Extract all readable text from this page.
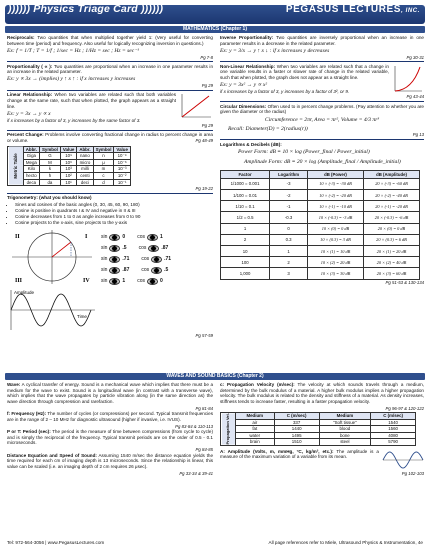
)))))) Physics Triage Card ))))))	PEGASUS LECTURES, INC.
MATHEMATICS (Chapter 1)

Reciprocals: Two quantities that when multiplied together yield 1: (Very useful for converting between time (period) and frequency. Also useful for logically recognizing inversion in questions.)

Ex: f = 1/T ; T = 1/f ; 1/sec = Hz ; 1/Hz = sec ; Hz = sec⁻¹
Pg 7-8

Proportionality ( ∝ ): Two quantities are proportional when an increase in one parameter results in an increase in the related parameter.

Ex: y ∝ 3x → (implies) y ↑ x ↑ : if x increases y increases
Pg 29

Linear Relationship: When two variables are related such that both variables change at the same rate, such that when plotted, the graph appears as a straight line.

Ex: y = 3x → y ∝ x
if x increases by a factor of 3, y increases by the same factor of 3.
Pg 29

Percent Change: Problems involve converting fractional change in radius to percent change in area or volume.	Pg 48-49

Metric Table	Abbr.	Symbol	Value	Abbr.	Symbol	Value
	Giga	G	10⁹	nano	n	10⁻⁹
	Mega	M	10⁶	micro	μ	10⁻⁶
	Kilo	k	10³	milli	m	10⁻³
	hecto	h	10²	centi	c	10⁻²
	deca	da	10¹	deci	d	10⁻¹
Pg 19-22

Trigonometry: (what you should know)

• Sines and cosines of the basic angles (0, 30, 45, 60, 90, 180)
• Cosine is positive in quadrants I & IV and negative in II & III
• Cosine decreases from 1 to 0 as angle increases from 0 to 90
• Cosine projects to the x-axis, sine projects to the y-axis
II	I
III	IV

Time
Amplitude
sin	0 cos	1
sin	.5 cos	.87
sin	.71 cos	.71
sin	.87 cos	.5
sin	1 cos	0
Pg 57-59

Inverse Proportionality: Two quantities are inversely proportional when an increase in one parameter results in a decrease in the related parameter.

Ex: y = 3/x → y ↑ x ↓ : if x increases y decreases
Pg 30-31

Non-Linear Relationship: When two variables are related such that a change in one variable results in a faster or slower rate of change in the related variable, such that when plotted, the graph does not appear as a straight line.

Ex: y = 3x² → y ∝ x²
if x increases by a factor of 3, y increases by a factor of 3², or 9.
Pg 43-44

Circular Dimensions: Often used to in percent change problems. (Pay attention to whether you are given the diameter or the radius)

Circumference = 2πr, Area = πr², Volume = 4/3 πr³
Recall: Diameter(D) = 2(radius(r))
Pg 13

Logarithms & Decibels (dB):

Power Form: dB ≡ 10 × log (Power_final / Power_initial)
Amplitude Form: dB ≡ 20 × log (Amplitude_final / Amplitude_initial)
Factor	Logarithm	dB (Power)	dB (Amplitude)
1/1000 = 0.001	-3	10 × (-3) = -30 dB	20 × (-3) = -60 dB
1/100 = 0.01	-2	10 × (-2) = -20 dB	20 × (-2) = -40 dB
1/10 = 0.1	-1	10 × (-1) = -10 dB	20 × (-1) = -20 dB
1/2 = 0.5	-0.3	10 × (-0.3) = -3 dB	20 × (-0.3) = -6 dB
1	0	10 × (0) = 0 dB	20 × (0) = 0 dB
2	0.3	10 × (0.3) = 3 dB	20 × (0.3) = 6 dB
10	1	10 × (1) = 10 dB	20 × (1) = 20 dB
100	2	10 × (2) = 20 dB	20 × (2) = 40 dB
1,000	3	10 × (3) = 30 dB	20 × (3) = 60 dB
Pg 51-53 & 130-134
WAVES AND SOUND BASICS (Chapter 2)

Wave: A cyclical transfer of energy. Sound is a mechanical wave which implies that there must be a medium for the wave to exist. Sound is a longitudinal wave (in contrast with a transverse wave), which implies that the wave propagates by particle vibration along (in the same direction as) the wave direction through compression and rarefaction.

Pg 81-84

f: Frequency (Hz): The number of cycles (or compressions) per second. Typical transmit frequencies are in the range of 2 – 10 MHz for diagnostic ultrasound (higher if invasive, i.e. IVUS).

Pg 83-84 & 110-113

P or T: Period (sec): The period is the measure of time between compressions (from cycle to cycle) and is simply the reciprocal of the frequency. Typical transmit periods are on the order of 0.5 - 0.1 microseconds.

Pg 84-85

Distance Equation and Speed of Sound: Assuming 1540 m/sec the distance equation yields the time required for each cm of imaging depth is 13 microseconds. Since the relationship is linear, this value can be scaled (i.e. an imaging depth of 2 cm requires 26 μsec).

Pg 33-34 & 39-41

c: Propagation Velocity (m/sec): The velocity at which sounds travels through a medium, determined by the bulk modulus of a material. A higher bulk modulus implies a higher propagation velocity. The bulk modulus is related to the density and stiffness of a material. As density increases, stiffness tends to increase faster, resulting in a faster propagation velocity.

Pg 96-97 & 120-122
Propagation Vel.	Medium	C (m/sec)	Medium	C (m/sec)
	air	337	"Soft tissue"	1540
	fat	1440	blood	1560
	water	1495	bone	4080
	brain	1510	steel	5790

A: Amplitude (Volts, m, mmHg, °C, kg/m³, etc.): The amplitude is a measure of the maximum variation of a variable from its mean.

Pg 102-103
Tel: 972-564-3056 | www.PegasusLectures.com	All page references refer to Miele, Ultrasound Physics & Instrumentation, 4e
